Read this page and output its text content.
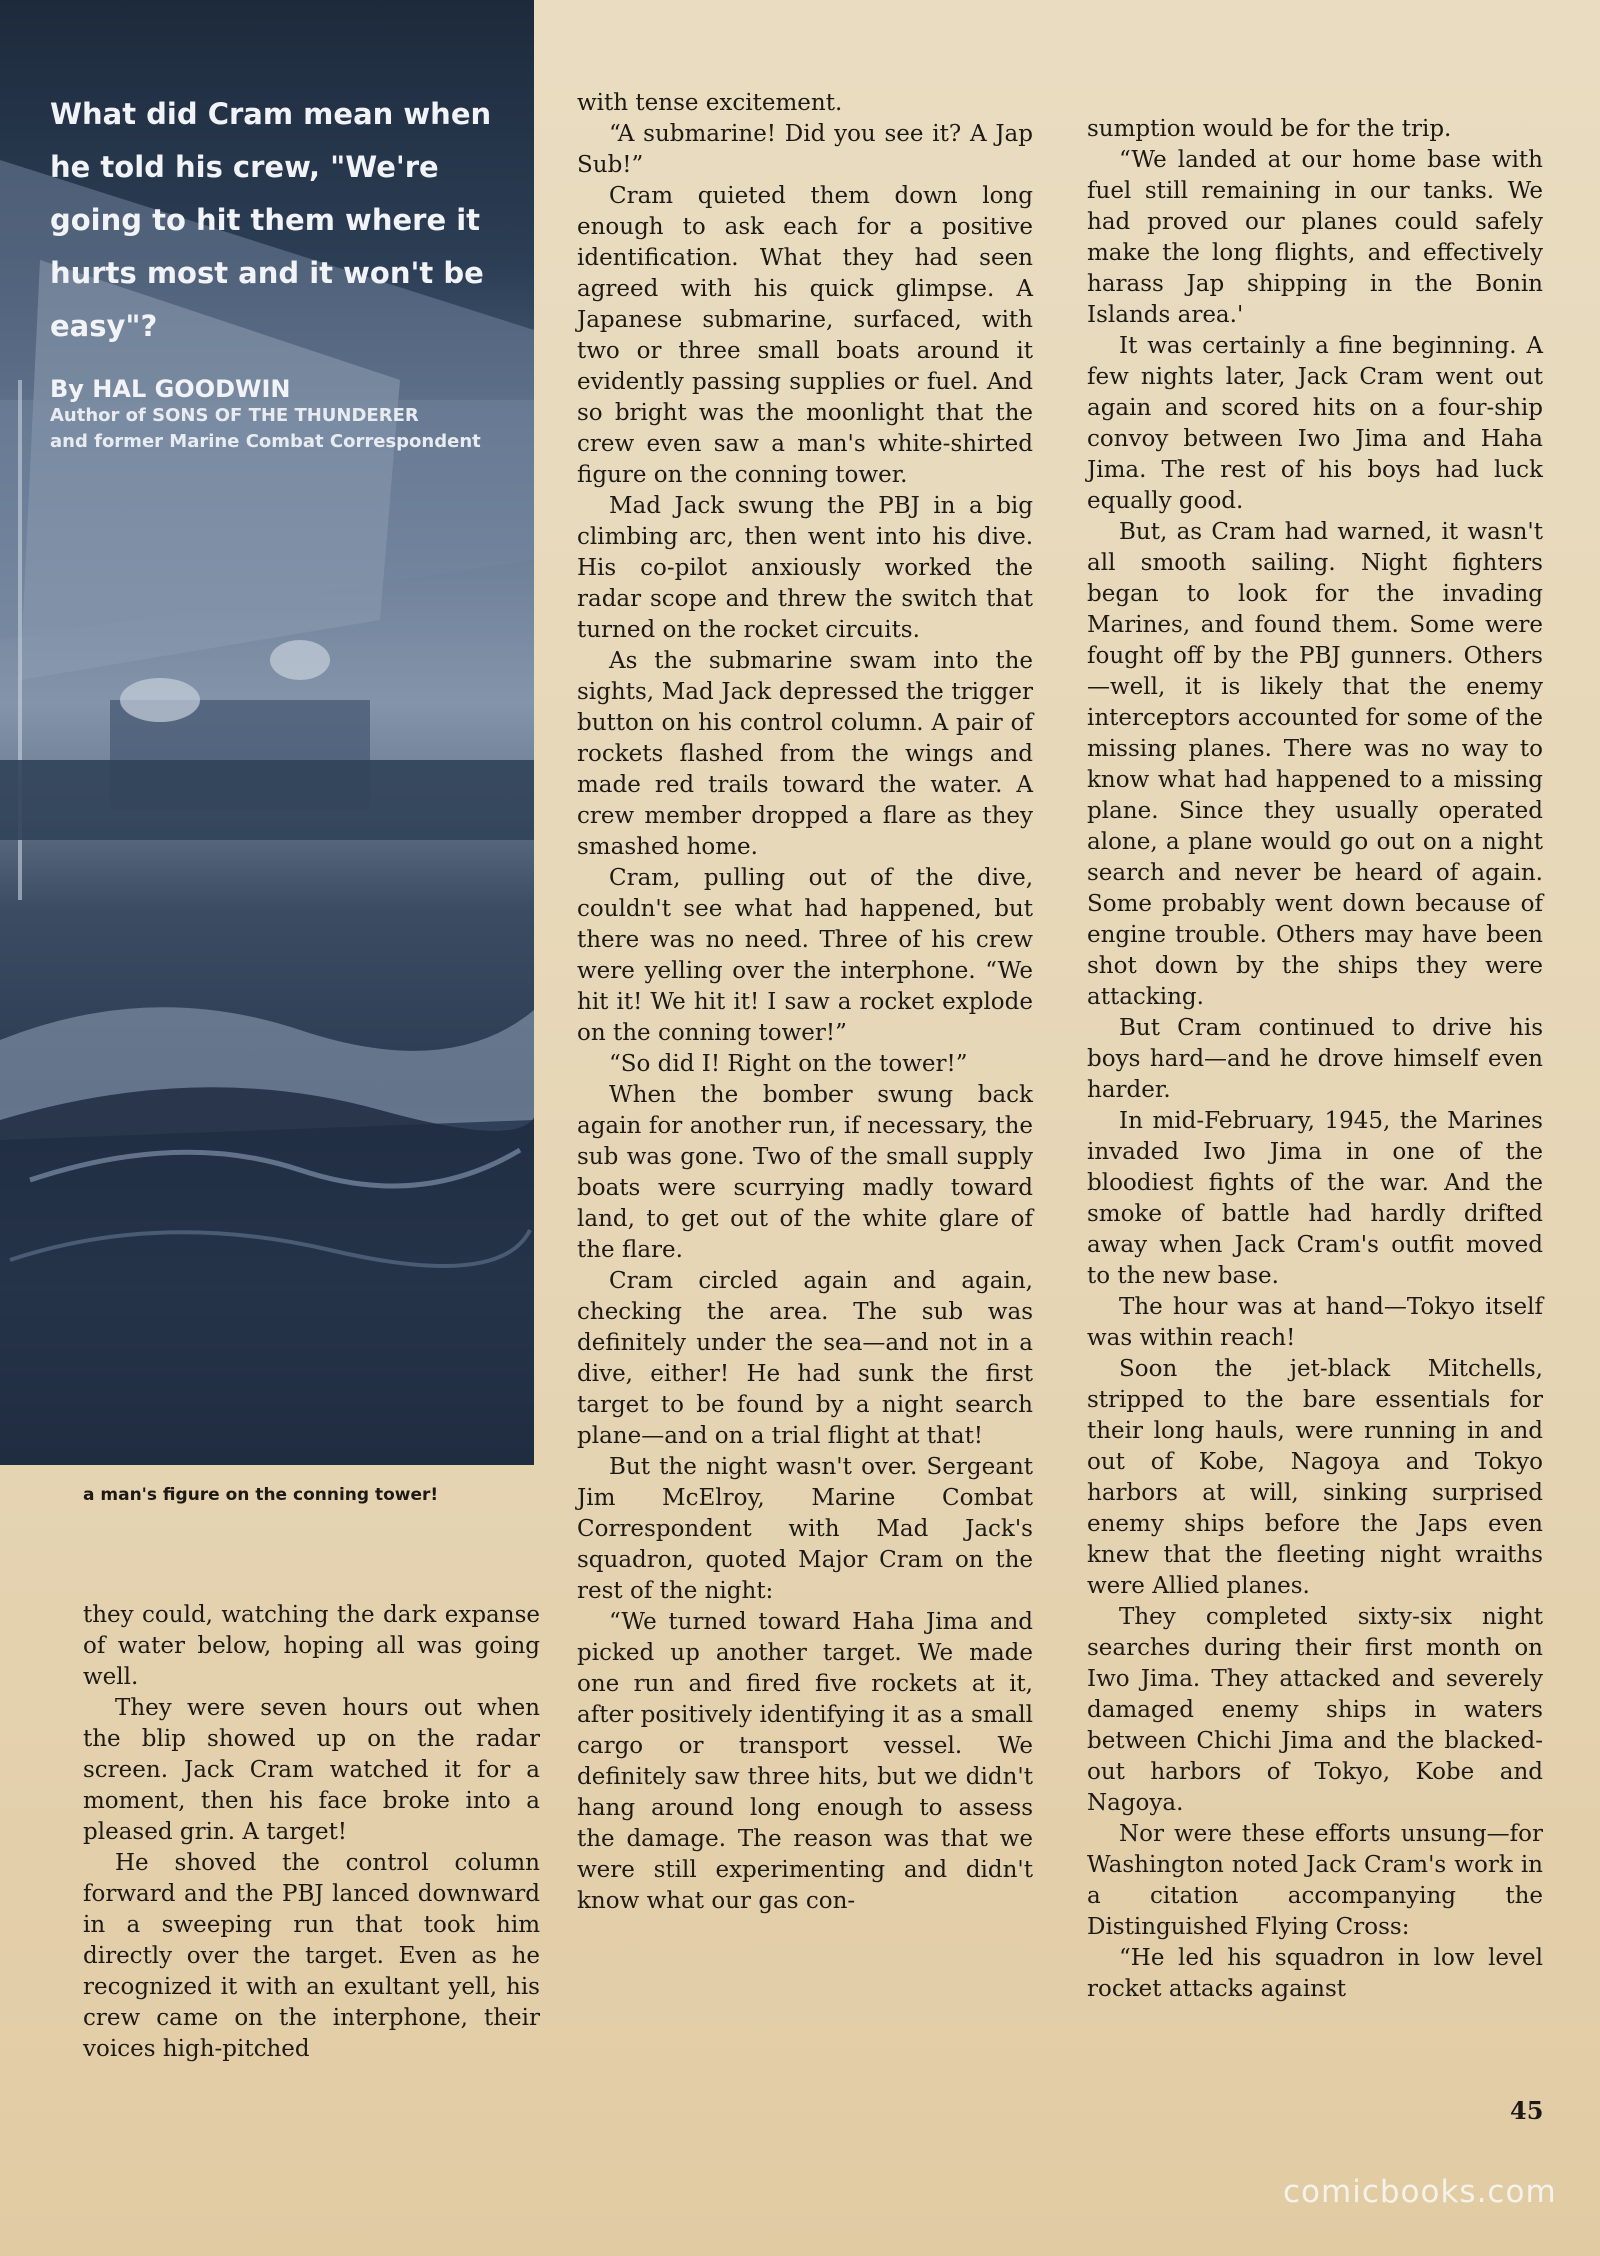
What did Cram mean when he told his crew, "We're going to hit them where it hurts most and it won't be easy"?

By HAL GOODWIN
Author of SONS OF THE THUNDERER
and former Marine Combat Correspondent
a man's figure on the conning tower!

they could, watching the dark expanse of water below, hoping all was going well.

They were seven hours out when the blip showed up on the radar screen. Jack Cram watched it for a moment, then his face broke into a pleased grin. A target!

He shoved the control column forward and the PBJ lanced downward in a sweeping run that took him directly over the target. Even as he recognized it with an exultant yell, his crew came on the interphone, their voices high-pitched

with tense excitement.

“A submarine! Did you see it? A Jap Sub!”

Cram quieted them down long enough to ask each for a positive identification. What they had seen agreed with his quick glimpse. A Japanese submarine, surfaced, with two or three small boats around it evidently passing supplies or fuel. And so bright was the moonlight that the crew even saw a man's white-shirted figure on the conning tower.

Mad Jack swung the PBJ in a big climbing arc, then went into his dive. His co-pilot anxiously worked the radar scope and threw the switch that turned on the rocket circuits.

As the submarine swam into the sights, Mad Jack depressed the trigger button on his control column. A pair of rockets flashed from the wings and made red trails toward the water. A crew member dropped a flare as they smashed home.

Cram, pulling out of the dive, couldn't see what had happened, but there was no need. Three of his crew were yelling over the interphone. “We hit it! We hit it! I saw a rocket explode on the conning tower!”

“So did I! Right on the tower!”

When the bomber swung back again for another run, if necessary, the sub was gone. Two of the small supply boats were scurrying madly toward land, to get out of the white glare of the flare.

Cram circled again and again, checking the area. The sub was definitely under the sea—and not in a dive, either! He had sunk the first target to be found by a night search plane—and on a trial flight at that!

But the night wasn't over. Sergeant Jim McElroy, Marine Combat Correspondent with Mad Jack's squadron, quoted Major Cram on the rest of the night:

“We turned toward Haha Jima and picked up another target. We made one run and fired five rockets at it, after positively identifying it as a small cargo or transport vessel. We definitely saw three hits, but we didn't hang around long enough to assess the damage. The reason was that we were still experimenting and didn't know what our gas con-

sumption would be for the trip.

“We landed at our home base with fuel still remaining in our tanks. We had proved our planes could safely make the long flights, and effectively harass Jap shipping in the Bonin Islands area.'

It was certainly a fine beginning. A few nights later, Jack Cram went out again and scored hits on a four-ship convoy between Iwo Jima and Haha Jima. The rest of his boys had luck equally good.

But, as Cram had warned, it wasn't all smooth sailing. Night fighters began to look for the invading Marines, and found them. Some were fought off by the PBJ gunners. Others—well, it is likely that the enemy interceptors accounted for some of the missing planes. There was no way to know what had happened to a missing plane. Since they usually operated alone, a plane would go out on a night search and never be heard of again. Some probably went down because of engine trouble. Others may have been shot down by the ships they were attacking.

But Cram continued to drive his boys hard—and he drove himself even harder.

In mid-February, 1945, the Marines invaded Iwo Jima in one of the bloodiest fights of the war. And the smoke of battle had hardly drifted away when Jack Cram's outfit moved to the new base.

The hour was at hand—Tokyo itself was within reach!

Soon the jet-black Mitchells, stripped to the bare essentials for their long hauls, were running in and out of Kobe, Nagoya and Tokyo harbors at will, sinking surprised enemy ships before the Japs even knew that the fleeting night wraiths were Allied planes.

They completed sixty-six night searches during their first month on Iwo Jima. They attacked and severely damaged enemy ships in waters between Chichi Jima and the blacked-out harbors of Tokyo, Kobe and Nagoya.

Nor were these efforts unsung—for Washington noted Jack Cram's work in a citation accompanying the Distinguished Flying Cross:

“He led his squadron in low level rocket attacks against

45
comicbooks.com
